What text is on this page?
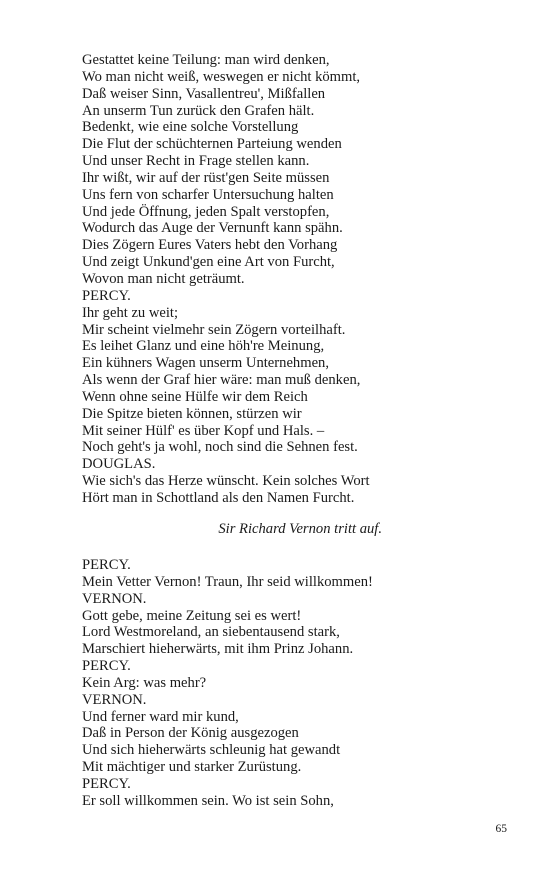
Gestattet keine Teilung: man wird denken,
Wo man nicht weiß, weswegen er nicht kömmt,
Daß weiser Sinn, Vasallentreu', Mißfallen
An unserm Tun zurück den Grafen hält.
Bedenkt, wie eine solche Vorstellung
Die Flut der schüchternen Parteiung wenden
Und unser Recht in Frage stellen kann.
Ihr wißt, wir auf der rüst'gen Seite müssen
Uns fern von scharfer Untersuchung halten
Und jede Öffnung, jeden Spalt verstopfen,
Wodurch das Auge der Vernunft kann spähn.
Dies Zögern Eures Vaters hebt den Vorhang
Und zeigt Unkund'gen eine Art von Furcht,
Wovon man nicht geträumt.
PERCY.
Ihr geht zu weit;
Mir scheint vielmehr sein Zögern vorteilhaft.
Es leihet Glanz und eine höh're Meinung,
Ein kühners Wagen unserm Unternehmen,
Als wenn der Graf hier wäre: man muß denken,
Wenn ohne seine Hülfe wir dem Reich
Die Spitze bieten können, stürzen wir
Mit seiner Hülf' es über Kopf und Hals. –
Noch geht's ja wohl, noch sind die Sehnen fest.
DOUGLAS.
Wie sich's das Herze wünscht. Kein solches Wort
Hört man in Schottland als den Namen Furcht.
Sir Richard Vernon tritt auf.
PERCY.
Mein Vetter Vernon! Traun, Ihr seid willkommen!
VERNON.
Gott gebe, meine Zeitung sei es wert!
Lord Westmoreland, an siebentausend stark,
Marschiert hieherwärts, mit ihm Prinz Johann.
PERCY.
Kein Arg: was mehr?
VERNON.
Und ferner ward mir kund,
Daß in Person der König ausgezogen
Und sich hieherwärts schleunig hat gewandt
Mit mächtiger und starker Zurüstung.
PERCY.
Er soll willkommen sein. Wo ist sein Sohn,
65
